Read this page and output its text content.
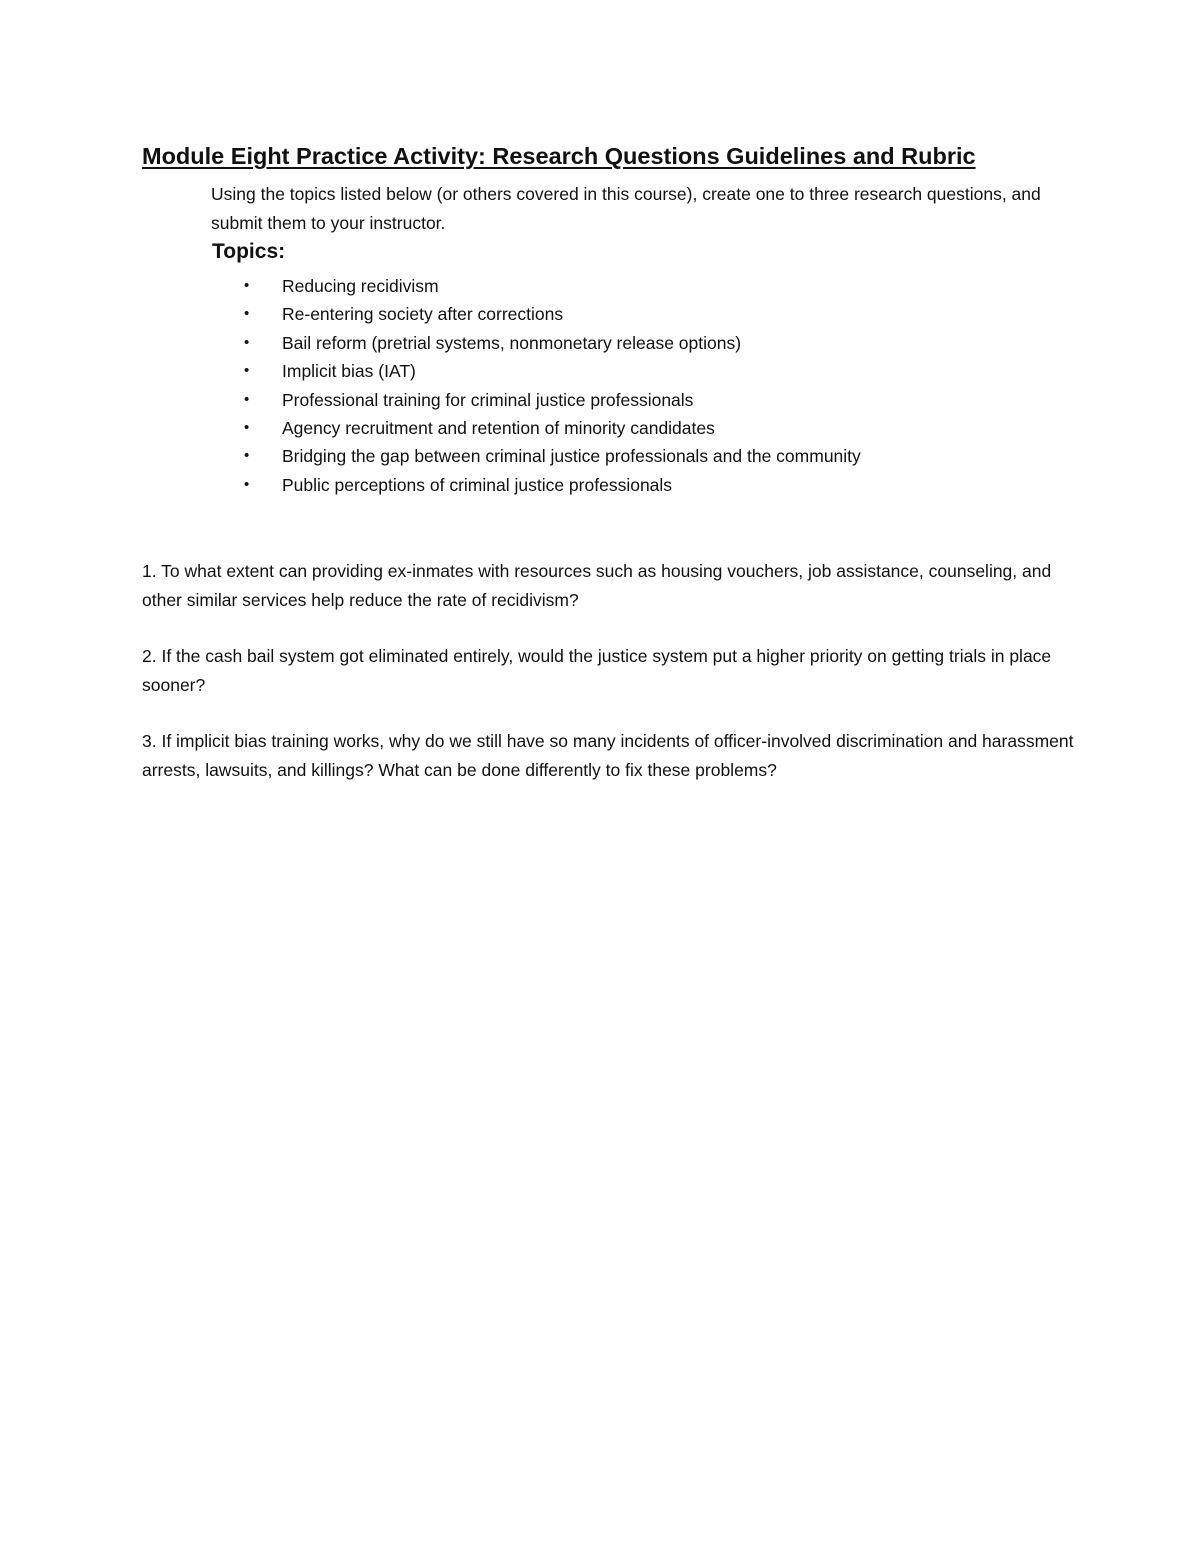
Module Eight Practice Activity: Research Questions Guidelines and Rubric
Using the topics listed below (or others covered in this course), create one to three research questions, and submit them to your instructor.
Topics:
• Reducing recidivism
• Re-entering society after corrections
• Bail reform (pretrial systems, nonmonetary release options)
• Implicit bias (IAT)
• Professional training for criminal justice professionals
• Agency recruitment and retention of minority candidates
• Bridging the gap between criminal justice professionals and the community
• Public perceptions of criminal justice professionals

1. To what extent can providing ex-inmates with resources such as housing vouchers, job assistance, counseling, and other similar services help reduce the rate of recidivism?

2. If the cash bail system got eliminated entirely, would the justice system put a higher priority on getting trials in place sooner?

3. If implicit bias training works, why do we still have so many incidents of officer-involved discrimination and harassment arrests, lawsuits, and killings? What can be done differently to fix these problems?
